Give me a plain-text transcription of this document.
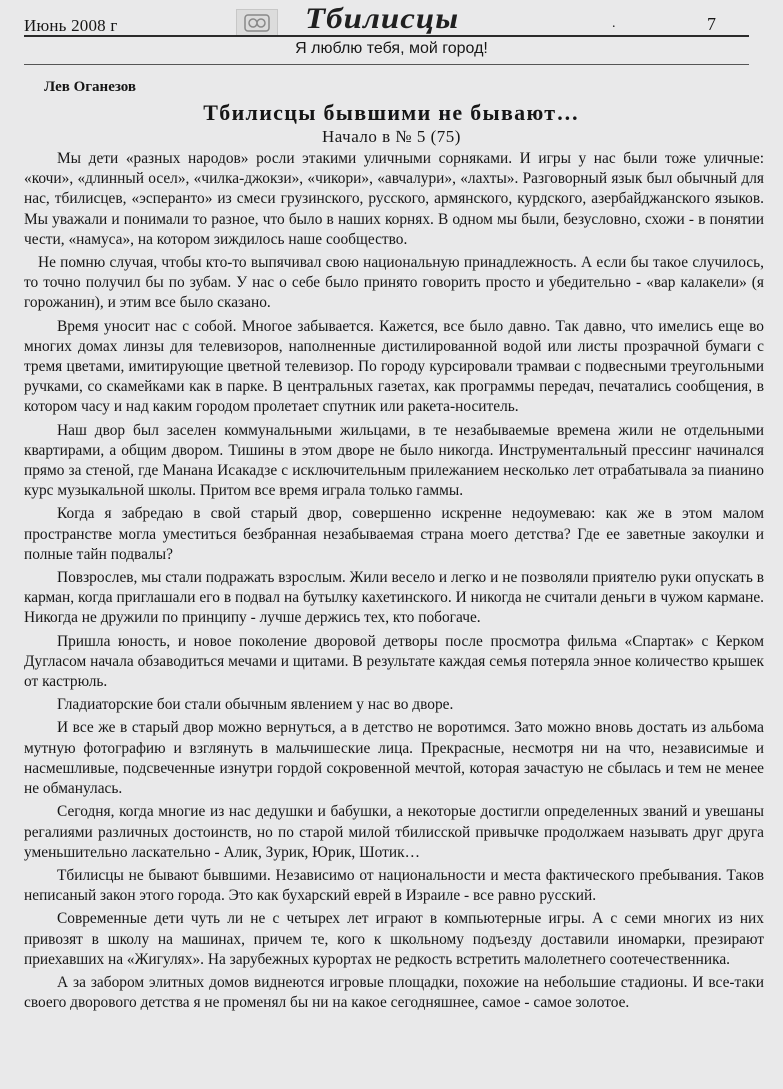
Июнь 2008 г	Тбилисцы	.	7
Я люблю тебя, мой город!
Лев Оганезов
Тбилисцы бывшими не бывают…
Начало в № 5 (75)

Мы дети «разных народов» росли этакими уличными сорняками. И игры у нас были тоже уличные: «кочи», «длинный осел», «чилка-джокзи», «чикори», «авчалури», «лахты». Разговорный язык был обычный для нас, тбилисцев, «эсперанто» из смеси грузинского, русского, армянского, курдского, азербайджанского языков. Мы уважали и понимали то разное, что было в наших корнях. В одном мы были, безусловно, схожи - в понятии чести, «намуса», на котором зиждилось наше сообщество.

Не помню случая, чтобы кто-то выпячивал свою национальную принадлежность. А если бы такое случилось, то точно получил бы по зубам. У нас о себе было принято говорить просто и убедительно - «вар калакели» (я горожанин), и этим все было сказано.

Время уносит нас с собой. Многое забывается. Кажется, все было давно. Так давно, что имелись еще во многих домах линзы для телевизоров, наполненные дистилированной водой или листы прозрачной бумаги с тремя цветами, имитирующие цветной телевизор. По городу курсировали трамваи с подвесными треугольными ручками, со скамейками как в парке. В центральных газетах, как программы передач, печатались сообщения, в котором часу и над каким городом пролетает спутник или ракета-носитель.

Наш двор был заселен коммунальными жильцами, в те незабываемые времена жили не отдельными квартирами, а общим двором. Тишины в этом дворе не было никогда. Инструментальный прессинг начинался прямо за стеной, где Манана Исакадзе с исключительным прилежанием несколько лет отрабатывала за пианино курс музыкальной школы. Притом все время играла только гаммы.

Когда я забредаю в свой старый двор, совершенно искренне недоумеваю: как же в этом малом пространстве могла уместиться безбранная незабываемая страна моего детства? Где ее заветные закоулки и полные тайн подвалы?

Повзрослев, мы стали подражать взрослым. Жили весело и легко и не позволяли приятелю руки опускать в карман, когда приглашали его в подвал на бутылку кахетинского. И никогда не считали деньги в чужом кармане. Никогда не дружили по принципу - лучше держись тех, кто побогаче.

Пришла юность, и новое поколение дворовой детворы после просмотра фильма «Спартак» с Керком Дугласом начала обзаводиться мечами и щитами. В результате каждая семья потеряла энное количество крышек от кастрюль.

Гладиаторские бои стали обычным явлением у нас во дворе.

И все же в старый двор можно вернуться, а в детство не воротимся. Зато можно вновь достать из альбома мутную фотографию и взглянуть в мальчишеские лица. Прекрасные, несмотря ни на что, независимые и насмешливые, подсвеченные изнутри гордой сокровенной мечтой, которая зачастую не сбылась и тем не менее не обманулась.

Сегодня, когда многие из нас дедушки и бабушки, а некоторые достигли определенных званий и увешаны регалиями различных достоинств, но по старой милой тбилисской привычке продолжаем называть друг друга уменьшительно ласкательно - Алик, Зурик, Юрик, Шотик…

Тбилисцы не бывают бывшими. Независимо от национальности и места фактического пребывания. Таков неписаный закон этого города. Это как бухарский еврей в Израиле - все равно русский.

Современные дети чуть ли не с четырех лет играют в компьютерные игры. А с семи многих из них привозят в школу на машинах, причем те, кого к школьному подъезду доставили иномарки, презирают приехавших на «Жигулях». На зарубежных курортах не редкость встретить малолетнего соотечественника.

А за забором элитных домов виднеются игровые площадки, похожие на небольшие стадионы. И все-таки своего дворового детства я не променял бы ни на какое сегодняшнее, самое - самое золотое.
